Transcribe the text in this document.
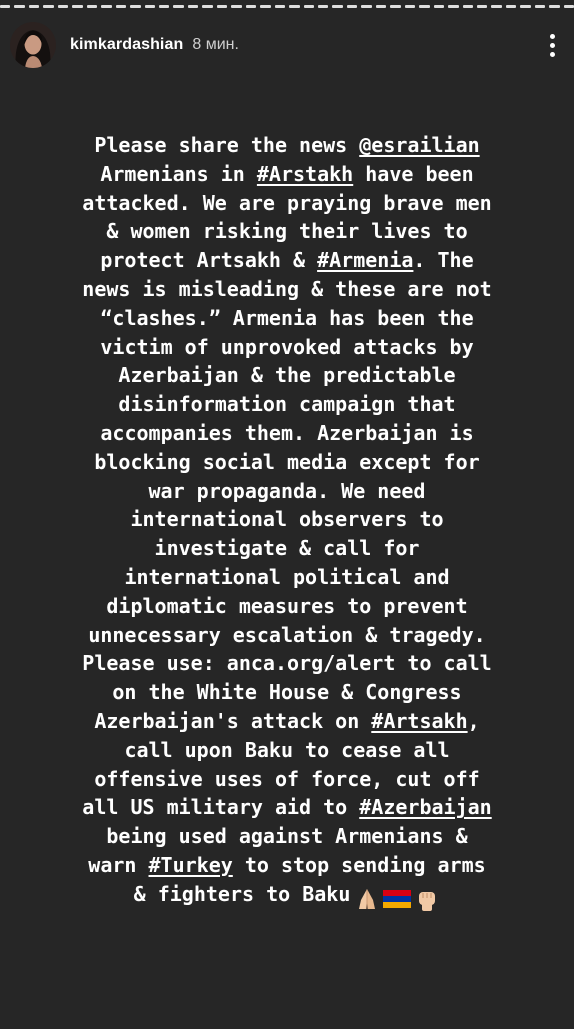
kimkardashian 8 мин.
Please share the news @esrailian
Armenians in #Arstakh have been
attacked. We are praying brave men
& women risking their lives to
protect Artsakh & #Armenia. The
news is misleading & these are not
“clashes.” Armenia has been the
victim of unprovoked attacks by
Azerbaijan & the predictable
disinformation campaign that
accompanies them. Azerbaijan is
blocking social media except for
war propaganda. We need
international observers to
investigate & call for
international political and
diplomatic measures to prevent
unnecessary escalation & tragedy.
Please use: anca.org/alert to call
on the White House & Congress
Azerbaijan's attack on #Artsakh,
call upon Baku to cease all
offensive uses of force, cut off
all US military aid to #Azerbaijan
being used against Armenians &
warn #Turkey to stop sending arms
& fighters to Baku
